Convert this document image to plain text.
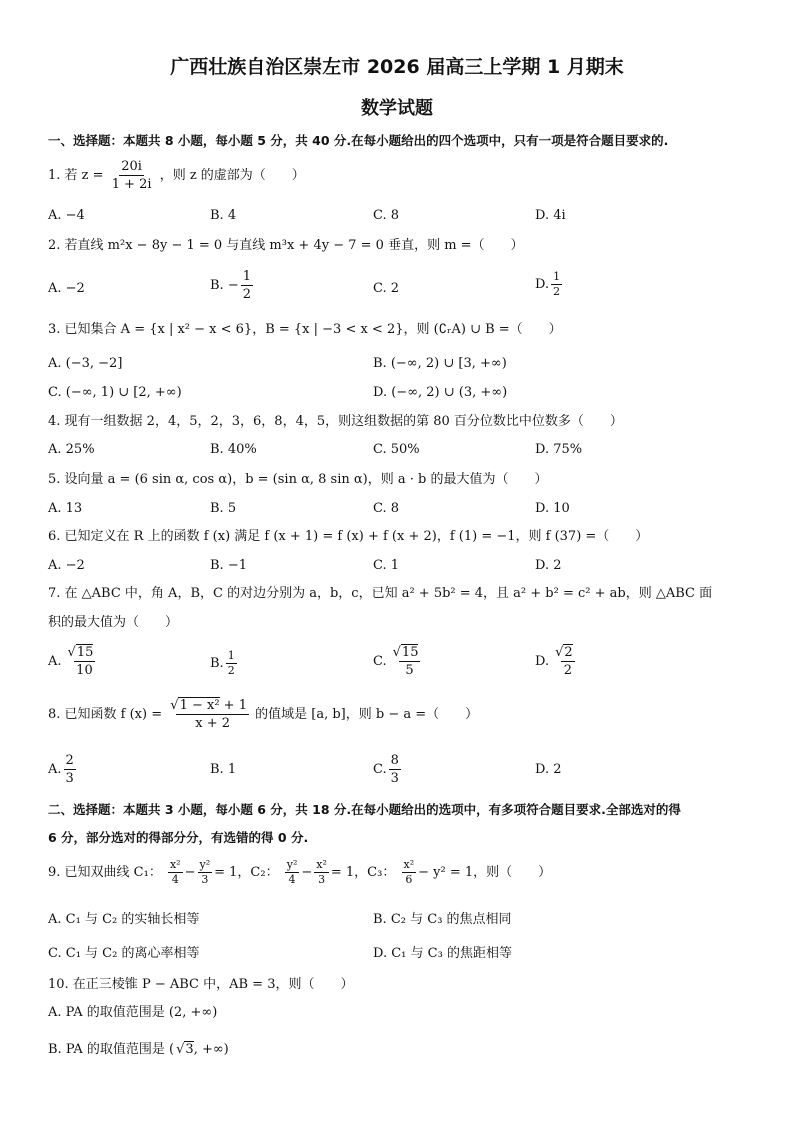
广西壮族自治区崇左市 2026 届高三上学期 1 月期末
数学试题
一、选择题：本题共 8 小题，每小题 5 分，共 40 分.在每小题给出的四个选项中，只有一项是符合题目要求的.
1. 若 $z = \frac{20i}{1 + 2i}$ ，则 z 的虚部为（　　）
A. −4	B. 4	C. 8	D. 4i
2. 若直线 m²x − 8y − 1 = 0 与直线 m³x + 4y − 7 = 0 垂直，则 m =（　　）
A. −2	B. − $\frac{1}{2}$	C. 2	D. $\frac{1}{2}$
3. 已知集合 A = {x | x² − x < 6}，B = {x | −3 < x < 2}，则 (∁ᵣA) ∪ B =（　　）
A. (−3, −2]	B. (−∞, 2) ∪ [3, +∞)
C. (−∞, 1) ∪ [2, +∞)	D. (−∞, 2) ∪ (3, +∞)
4. 现有一组数据 2，4，5，2，3，6，8，4，5，则这组数据的第 80 百分位数比中位数多（　　）
A. 25%	B. 40%	C. 50%	D. 75%
5. 设向量 a = (6 sin α, cos α)，b = (sin α, 8 sin α)，则 a · b 的最大值为（　　）
A. 13	B. 5	C. 8	D. 10
6. 已知定义在 R 上的函数 f (x) 满足 f (x + 1) = f (x) + f (x + 2)，f (1) = −1，则 f (37) =（　　）
A. −2	B. −1	C. 1	D. 2
7. 在 △ABC 中，角 A，B，C 的对边分别为 a，b，c，已知 a² + 5b² = 4，且 a² + b² = c² + ab，则 △ABC 面
积的最大值为（　　）
A. √ $\frac{15}{10}$	B. $\frac{1}{2}$	C. √ $\frac{15}{5}$	D. √ $\frac{2}{2}$
8. 已知函数 f (x) = √ $\frac{\text{1 − x² + 1}}{x + 2}$ 的值域是 [a, b]，则 b − a =（　　）
A. $\frac{2}{3}$	B. 1	C. $\frac{8}{3}$	D. 2
二、选择题：本题共 3 小题，每小题 6 分，共 18 分.在每小题给出的选项中，有多项符合题目要求.全部选对的得
6 分，部分选对的得部分分，有选错的得 0 分.
9. 已知双曲线 C₁： $\frac{\text{x²}}{4} - \frac{\text{y²}}{3} = 1$，C₂： $\frac{\text{y²}}{4} - \frac{\text{x²}}{3} = 1$，C₃： $\frac{\text{x²}}{6} - y^2 = 1$，则（　　）
A. C₁ 与 C₂ 的实轴长相等	B. C₂ 与 C₃ 的焦点相同
C. C₁ 与 C₂ 的离心率相等	D. C₁ 与 C₃ 的焦距相等
10. 在正三棱锥 P − ABC 中，AB = 3，则（　　）
A. PA 的取值范围是 (2, +∞)
B. PA 的取值范围是 ( √ 3, +∞)
